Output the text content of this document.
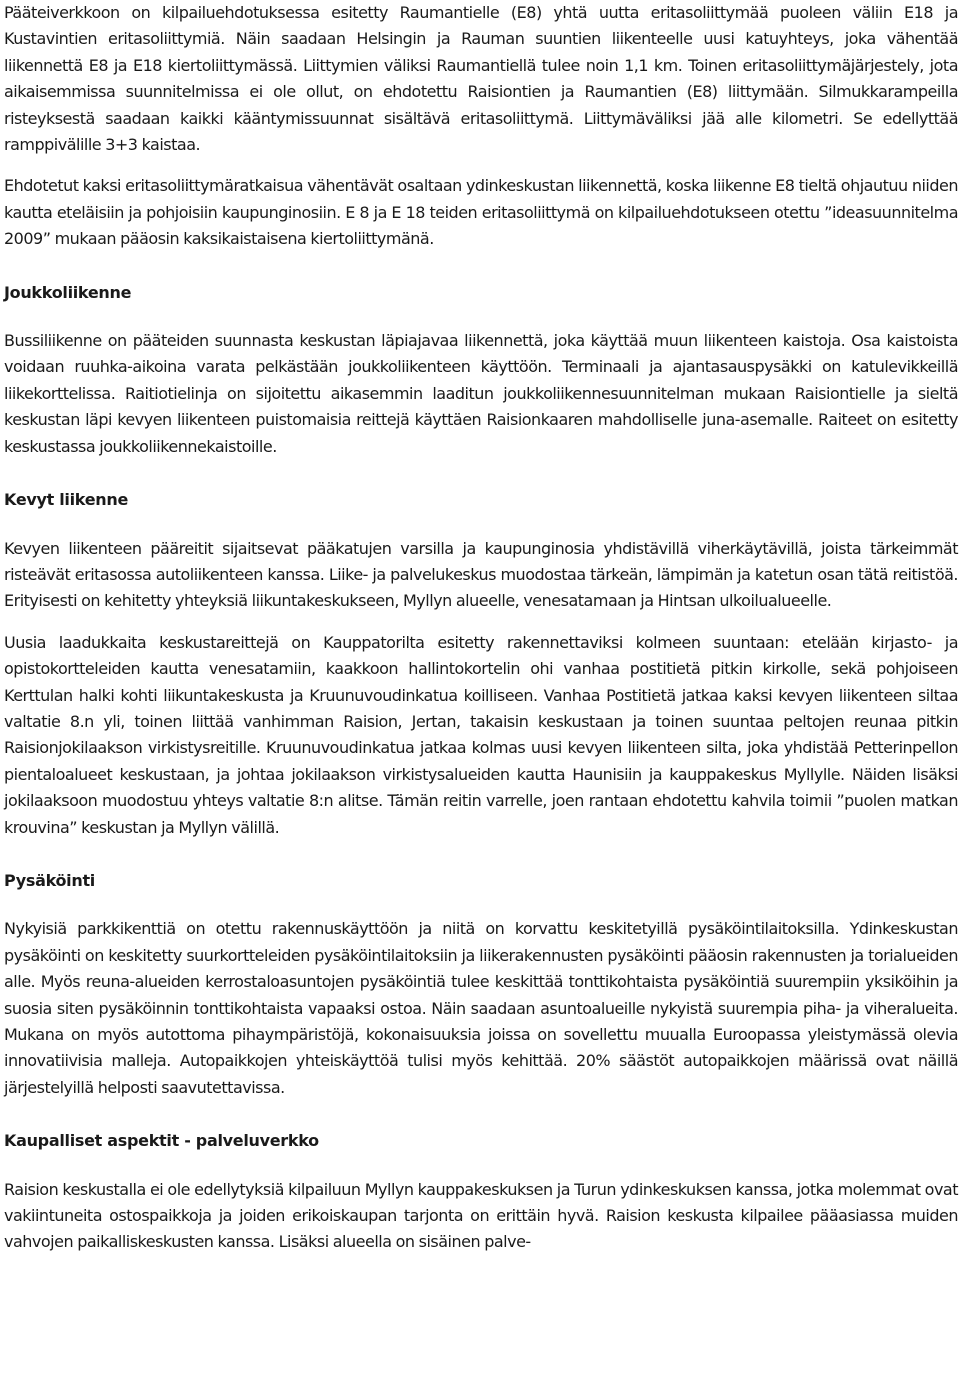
Pääteiverkkoon on kilpailuehdotuksessa esitetty Raumantielle (E8) yhtä uutta eritasoliittymää puoleen väliin E18 ja Kustavintien eritasoliittymiä. Näin saadaan Helsingin ja Rauman suuntien liikenteelle uusi katuyhteys, joka vähentää liikennettä E8 ja E18 kiertoliittymässä. Liittymien väliksi Raumantiellä tulee noin 1,1 km. Toinen eritasoliittymäjärjestely, jota aikaisemmissa suunnitelmissa ei ole ollut, on ehdotettu Raisiontien ja Raumantien (E8) liittymään. Silmukkarampeilla risteyksestä saadaan kaikki kääntymissuunnat sisältävä eritasoliittymä. Liittymäväliksi jää alle kilometri. Se edellyttää ramppivälille 3+3 kaistaa.

Ehdotetut kaksi eritasoliittymäratkaisua vähentävät osaltaan ydinkeskustan liikennettä, koska liikenne E8 tieltä ohjautuu niiden kautta eteläisiin ja pohjoisiin kaupunginosiin. E 8 ja E 18 teiden eritasoliittymä on kilpailuehdotukseen otettu ”ideasuunnitelma 2009” mukaan pääosin kaksikaistaisena kiertoliittymänä.

Joukkoliikenne

Bussiliikenne on pääteiden suunnasta keskustan läpiajavaa liikennettä, joka käyttää muun liikenteen kaistoja. Osa kaistoista voidaan ruuhka-aikoina varata pelkästään joukkoliikenteen käyttöön. Terminaali ja ajantasauspysäkki on katulevikkeillä liikekorttelissa. Raitiotielinja on sijoitettu aikasemmin laaditun joukkoliikennesuunnitelman mukaan Raisiontielle ja sieltä keskustan läpi kevyen liikenteen puistomaisia reittejä käyttäen Raisionkaaren mahdolliselle juna-asemalle. Raiteet on esitetty keskustassa joukkoliikennekaistoille.

Kevyt liikenne

Kevyen liikenteen pääreitit sijaitsevat pääkatujen varsilla ja kaupunginosia yhdistävillä viherkäytävillä, joista tärkeimmät risteävät eritasossa autoliikenteen kanssa. Liike- ja palvelukeskus muodostaa tärkeän, lämpimän ja katetun osan tätä reitistöä. Erityisesti on kehitetty yhteyksiä liikuntakeskukseen, Myllyn alueelle, venesatamaan ja Hintsan ulkoilualueelle.

Uusia laadukkaita keskustareittejä on Kauppatorilta esitetty rakennettaviksi kolmeen suuntaan: etelään kirjasto- ja opistokortteleiden kautta venesatamiin, kaakkoon hallintokortelin ohi vanhaa postitietä pitkin kirkolle, sekä pohjoiseen Kerttulan halki kohti liikuntakeskusta ja Kruunuvoudinkatua koilliseen. Vanhaa Postitietä jatkaa kaksi kevyen liikenteen siltaa valtatie 8.n yli, toinen liittää vanhimman Raision, Jertan, takaisin keskustaan ja toinen suuntaa peltojen reunaa pitkin Raisionjokilaakson virkistysreitille. Kruunuvoudinkatua jatkaa kolmas uusi kevyen liikenteen silta, joka yhdistää Petterinpellon pientaloalueet keskustaan, ja johtaa jokilaakson virkistysalueiden kautta Haunisiin ja kauppakeskus Myllylle. Näiden lisäksi jokilaaksoon muodostuu yhteys valtatie 8:n alitse. Tämän reitin varrelle, joen rantaan ehdotettu kahvila toimii ”puolen matkan krouvina” keskustan ja Myllyn välillä.

Pysäköinti

Nykyisiä parkkikenttiä on otettu rakennuskäyttöön ja niitä on korvattu keskitetyillä pysäköintilaitoksilla. Ydinkeskustan pysäköinti on keskitetty suurkortteleiden pysäköintilaitoksiin ja liikerakennusten pysäköinti pääosin rakennusten ja torialueiden alle. Myös reuna-alueiden kerrostaloasuntojen pysäköintiä tulee keskittää tonttikohtaista pysäköintiä suurempiin yksiköihin ja suosia siten pysäköinnin tonttikohtaista vapaaksi ostoa. Näin saadaan asuntoalueille nykyistä suurempia piha- ja viheralueita. Mukana on myös autottoma pihaympäristöjä, kokonaisuuksia joissa on sovellettu muualla Euroopassa yleistymässä olevia innovatiivisia malleja. Autopaikkojen yhteiskäyttöä tulisi myös kehittää. 20% säästöt autopaikkojen määrissä ovat näillä järjestelyillä helposti saavutettavissa.

Kaupalliset aspektit - palveluverkko

Raision keskustalla ei ole edellytyksiä kilpailuun Myllyn kauppakeskuksen ja Turun ydinkeskuksen kanssa, jotka molemmat ovat vakiintuneita ostospaikkoja ja joiden erikoiskaupan tarjonta on erittäin hyvä. Raision keskusta kilpailee pääasiassa muiden vahvojen paikalliskeskusten kanssa. Lisäksi alueella on sisäinen palve-
